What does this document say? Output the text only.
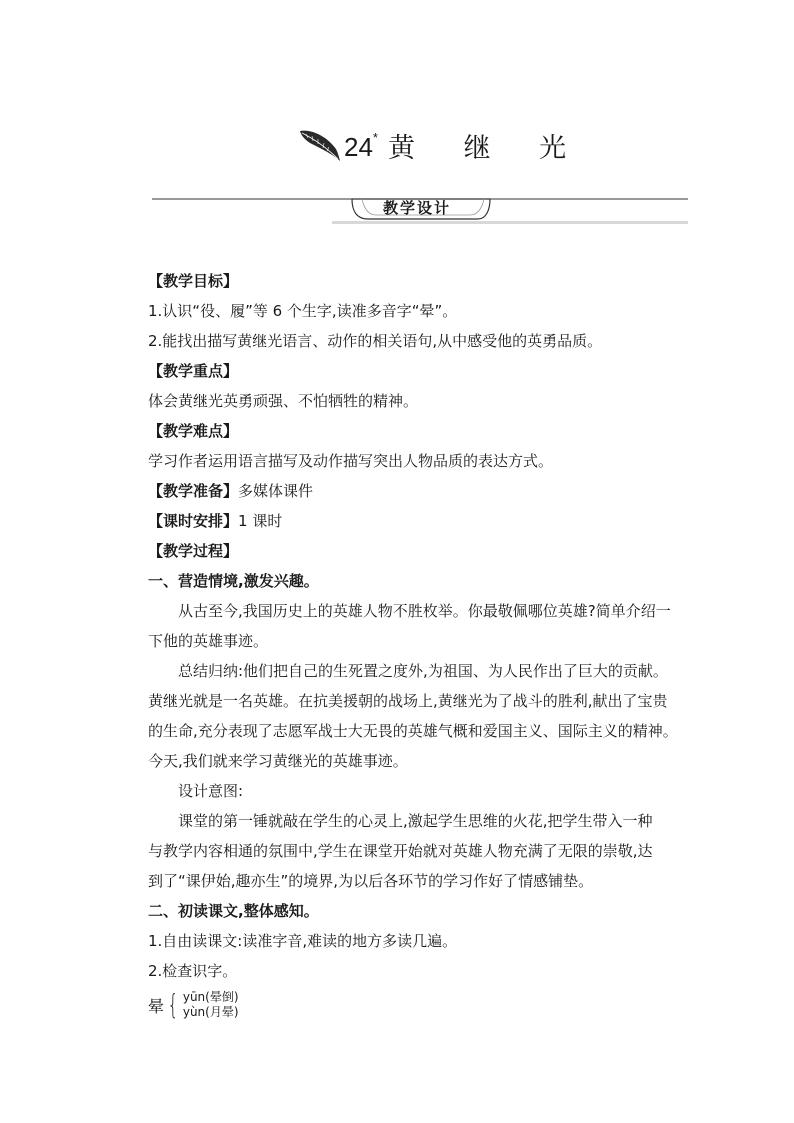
24 * 黄 继 光
教学设计
【教学目标】
1.认识“役、履”等 6 个生字,读准多音字“晕”。
2.能找出描写黄继光语言、动作的相关语句,从中感受他的英勇品质。
【教学重点】
体会黄继光英勇顽强、不怕牺牲的精神。
【教学难点】
学习作者运用语言描写及动作描写突出人物品质的表达方式。
【教学准备】多媒体课件
【课时安排】1 课时
【教学过程】
一、营造情境,激发兴趣。
从古至今,我国历史上的英雄人物不胜枚举。你最敬佩哪位英雄?简单介绍一
下他的英雄事迹。
总结归纳:他们把自己的生死置之度外,为祖国、为人民作出了巨大的贡献。
黄继光就是一名英雄。在抗美援朝的战场上,黄继光为了战斗的胜利,献出了宝贵
的生命,充分表现了志愿军战士大无畏的英雄气概和爱国主义、国际主义的精神。
今天,我们就来学习黄继光的英雄事迹。
设计意图:
课堂的第一锤就敲在学生的心灵上,激起学生思维的火花,把学生带入一种
与教学内容相通的氛围中,学生在课堂开始就对英雄人物充满了无限的崇敬,达
到了“课伊始,趣亦生”的境界,为以后各环节的学习作好了情感铺垫。
二、初读课文,整体感知。
1.自由读课文:读准字音,难读的地方多读几遍。
2.检查识字。
晕 { yūn(晕倒)
yùn(月晕)
